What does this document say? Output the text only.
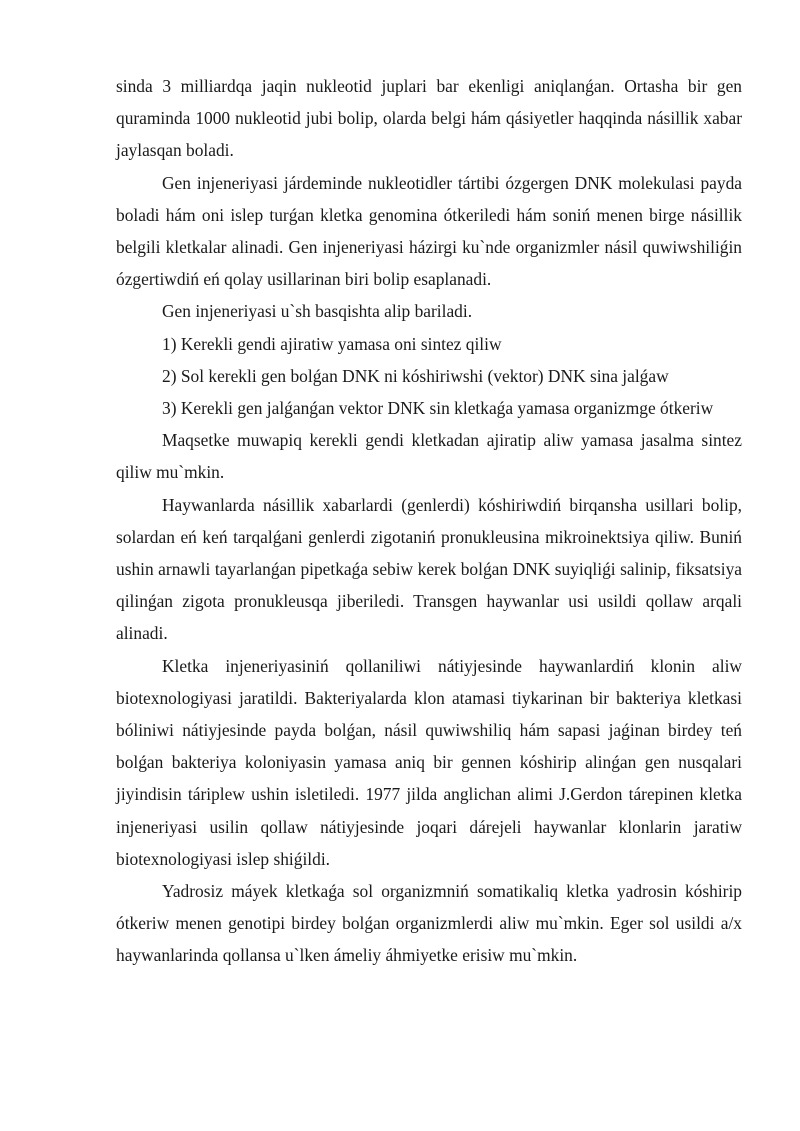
sinda 3 milliardqa jaqin nukleotid juplari bar ekenligi aniqlanǵan. Ortasha bir gen quraminda 1000 nukleotid jubi bolip, olarda belgi hám qásiyetler haqqinda násillik xabar jaylasqan boladi.

Gen injeneriyasi járdeminde nukleotidler tártibi ózgergen DNK molekulasi payda boladi hám oni islep turǵan kletka genomina ótkeriledi hám soniń menen birge násillik belgili kletkalar alinadi. Gen injeneriyasi házirgi ku`nde organizmler násil quwiwshiliǵin ózgertiwdiń eń qolay usillarinan biri bolip esaplanadi.

Gen injeneriyasi u`sh basqishta alip bariladi.

1) Kerekli gendi ajiratiw yamasa oni sintez qiliw

2) Sol kerekli gen bolǵan DNK ni kóshiriwshi (vektor) DNK sina jalǵaw

3) Kerekli gen jalǵanǵan vektor DNK sin kletkaǵa yamasa organizmge ótkeriw

Maqsetke muwapiq kerekli gendi kletkadan ajiratip aliw yamasa jasalma sintez qiliw mu`mkin.

Haywanlarda násillik xabarlardi (genlerdi) kóshiriwdiń birqansha usillari bolip, solardan eń keń tarqalǵani genlerdi zigotaniń pronukleusina mikroinektsiya qiliw. Buniń ushin arnawli tayarlanǵan pipetkaǵa sebiw kerek bolǵan DNK suyiqliǵi salinip, fiksatsiya qilinǵan zigota pronukleusqa jiberiledi. Transgen haywanlar usi usildi qollaw arqali alinadi.

Kletka injeneriyasiniń qollaniliwi nátiyjesinde haywanlardiń klonin aliw biotexnologiyasi jaratildi. Bakteriyalarda klon atamasi tiykarinan bir bakteriya kletkasi bóliniwi nátiyjesinde payda bolǵan, násil quwiwshiliq hám sapasi jaǵinan birdey teń bolǵan bakteriya koloniyasin yamasa aniq bir gennen kóshirip alinǵan gen nusqalari jiyindisin táriplew ushin isletiledi. 1977 jilda anglichan alimi J.Gerdon tárepinen kletka injeneriyasi usilin qollaw nátiyjesinde joqari dárejeli haywanlar klonlarin jaratiw biotexnologiyasi islep shiǵildi.

Yadrosiz máyek kletkaǵa sol organizmniń somatikaliq kletka yadrosin kóshirip ótkeriw menen genotipi birdey bolǵan organizmlerdi aliw mu`mkin. Eger sol usildi a/x haywanlarinda qollansa u`lken ámeliy áhmiyetke erisiw mu`mkin.
